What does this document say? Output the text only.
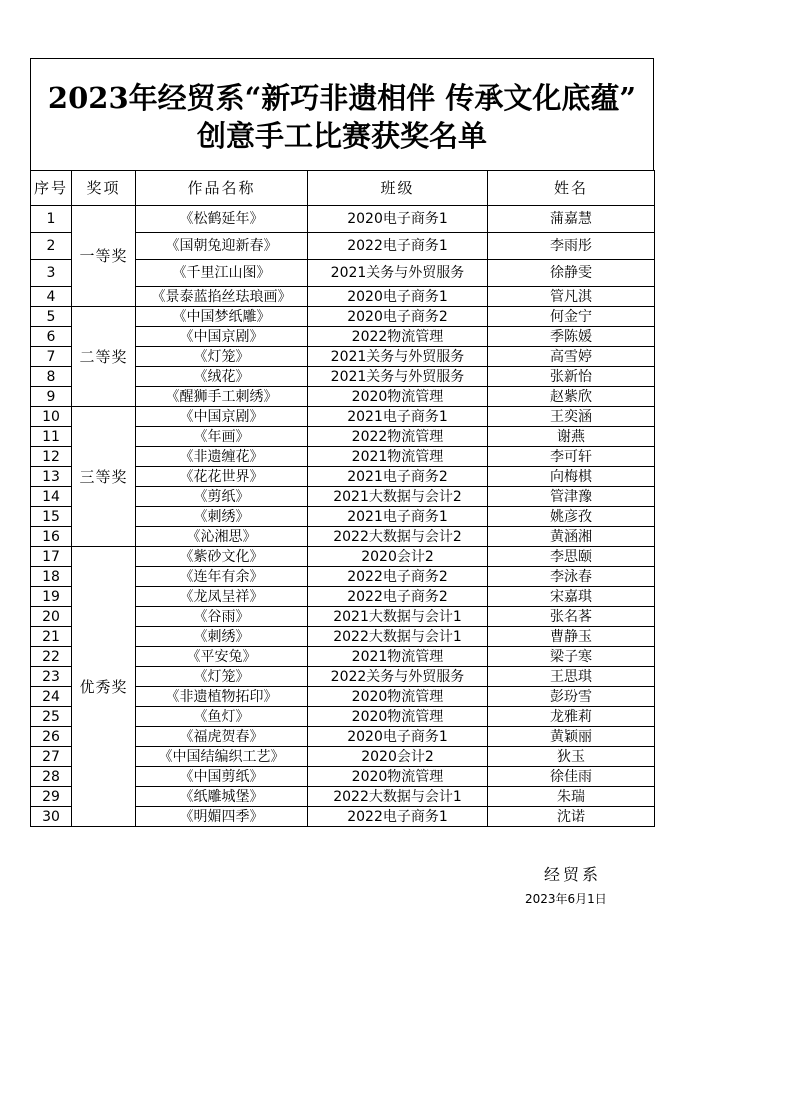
2023年经贸系“新巧非遗相伴 传承文化底蕴”
创意手工比赛获奖名单
序号	奖项	作品名称	班级	姓名
1	一等奖	《松鹤延年》	2020电子商务1	蒲嘉慧
2		《国朝兔迎新春》	2022电子商务1	李雨彤
3		《千里江山图》	2021关务与外贸服务	徐静雯
4		《景泰蓝掐丝珐琅画》	2020电子商务1	管凡淇
5	二等奖	《中国梦纸雕》	2020电子商务2	何金宁
6		《中国京剧》	2022物流管理	季陈媛
7		《灯笼》	2021关务与外贸服务	高雪婷
8		《绒花》	2021关务与外贸服务	张新怡
9		《醒狮手工刺绣》	2020物流管理	赵紫欣
10	三等奖	《中国京剧》	2021电子商务1	王奕涵
11		《年画》	2022物流管理	谢燕
12		《非遗缠花》	2021物流管理	李可轩
13		《花花世界》	2021电子商务2	向梅棋
14		《剪纸》	2021大数据与会计2	管津豫
15		《刺绣》	2021电子商务1	姚彦孜
16		《沁湘思》	2022大数据与会计2	黄涵湘
17	优秀奖	《紫砂文化》	2020会计2	李思颐
18		《连年有余》	2022电子商务2	李泳春
19		《龙凤呈祥》	2022电子商务2	宋嘉琪
20		《谷雨》	2021大数据与会计1	张名茖
21		《刺绣》	2022大数据与会计1	曹静玉
22		《平安兔》	2021物流管理	梁子寒
23		《灯笼》	2022关务与外贸服务	王思琪
24		《非遗植物拓印》	2020物流管理	彭玢雪
25		《鱼灯》	2020物流管理	龙雅莉
26		《福虎贺春》	2020电子商务1	黄颖丽
27		《中国结编织工艺》	2020会计2	狄玉
28		《中国剪纸》	2020物流管理	徐佳雨
29		《纸雕城堡》	2022大数据与会计1	朱瑞
30		《明媚四季》	2022电子商务1	沈诺
经贸系
2023年6月1日
